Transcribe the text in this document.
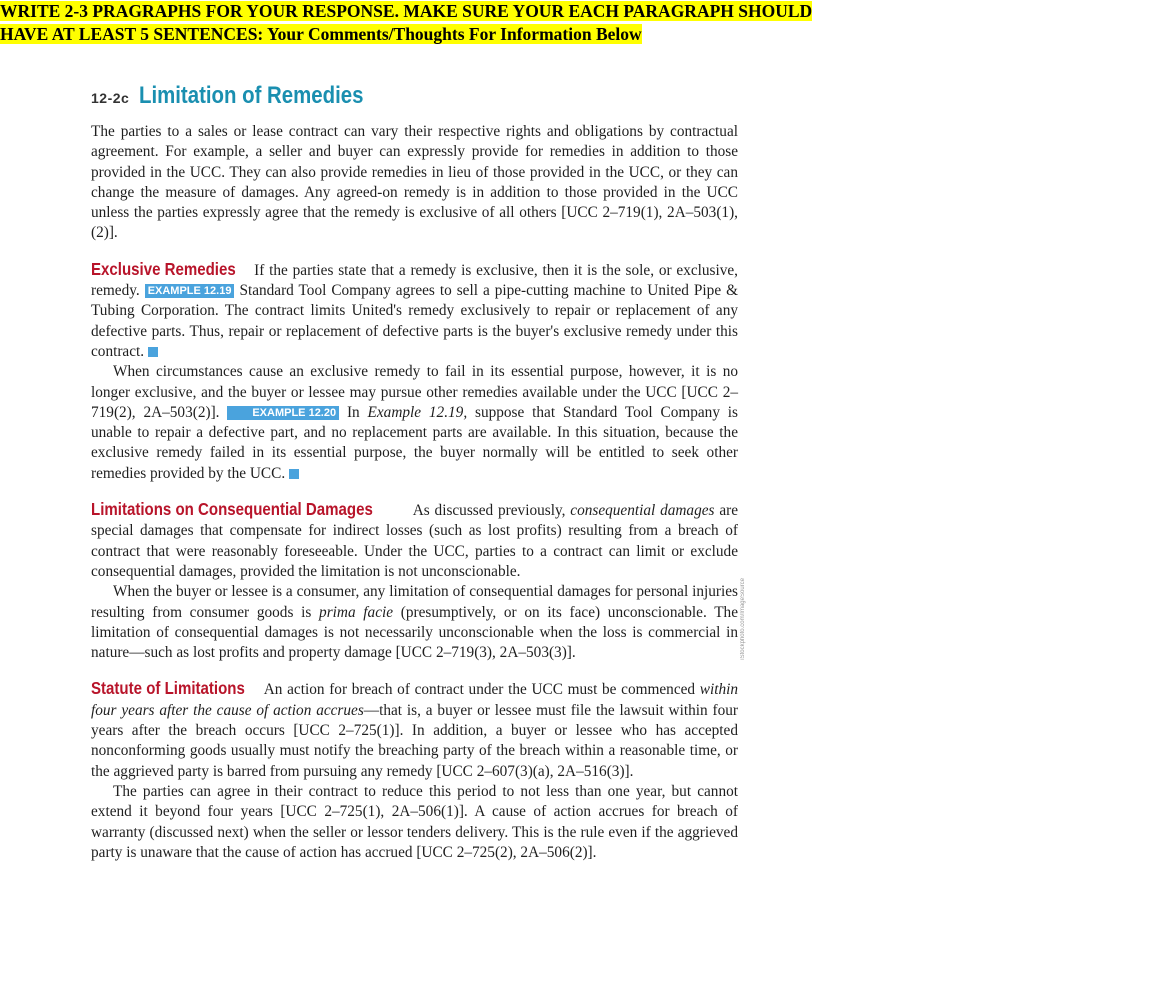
WRITE 2-3 PRAGRAPHS FOR YOUR RESPONSE. MAKE SURE YOUR EACH PARAGRAPH SHOULD
HAVE AT LEAST 5 SENTENCES: Your Comments/Thoughts For Information Below
12-2c Limitation of Remedies

The parties to a sales or lease contract can vary their respective rights and obligations by contractual agreement. For example, a seller and buyer can expressly provide for remedies in addition to those provided in the UCC. They can also provide remedies in lieu of those provided in the UCC, or they can change the measure of damages. Any agreed-on remedy is in addition to those provided in the UCC unless the parties expressly agree that the remedy is exclusive of all others [UCC 2–719(1), 2A–503(1), (2)].

Exclusive Remedies If the parties state that a remedy is exclusive, then it is the sole, or exclusive, remedy. EXAMPLE 12.19 Standard Tool Company agrees to sell a pipe-cutting machine to United Pipe & Tubing Corporation. The contract limits United's remedy exclusively to repair or replacement of any defective parts. Thus, repair or replacement of defective parts is the buyer's exclusive remedy under this contract.

When circumstances cause an exclusive remedy to fail in its essential purpose, however, it is no longer exclusive, and the buyer or lessee may pursue other remedies available under the UCC [UCC 2–719(2), 2A–503(2)].	EXAMPLE 12.20 In Example 12.19, suppose that Standard Tool Company is unable to repair a defective part, and no replacement parts are available. In this situation, because the exclusive remedy failed in its essential purpose, the buyer normally will be entitled to seek other remedies provided by the UCC.

Limitations on Consequential Damages	As discussed previously, consequential damages are special damages that compensate for indirect losses (such as lost profits) resulting from a breach of contract that were reasonably foreseeable. Under the UCC, parties to a contract can limit or exclude consequential damages, provided the limitation is not unconscionable.

When the buyer or lessee is a consumer, any limitation of consequential damages for personal injuries resulting from consumer goods is prima facie (presumptively, or on its face) unconscionable. The limitation of consequential damages is not necessarily unconscionable when the loss is commercial in nature—such as lost profits and property damage [UCC 2–719(3), 2A–503(3)].

Statute of Limitations An action for breach of contract under the UCC must be commenced within four years after the cause of action accrues—that is, a buyer or lessee must file the lawsuit within four years after the breach occurs [UCC 2–725(1)]. In addition, a buyer or lessee who has accepted nonconforming goods usually must notify the breaching party of the breach within a reasonable time, or the aggrieved party is barred from pursuing any remedy [UCC 2–607(3)(a), 2A–516(3)].

The parties can agree in their contract to reduce this period to not less than one year, but cannot extend it beyond four years [UCC 2–725(1), 2A–506(1)]. A cause of action accrues for breach of warranty (discussed next) when the seller or lessor tenders delivery. This is the rule even if the aggrieved party is unaware that the cause of action has accrued [UCC 2–725(2), 2A–506(2)].

iStockphoto.com/ImageSource
